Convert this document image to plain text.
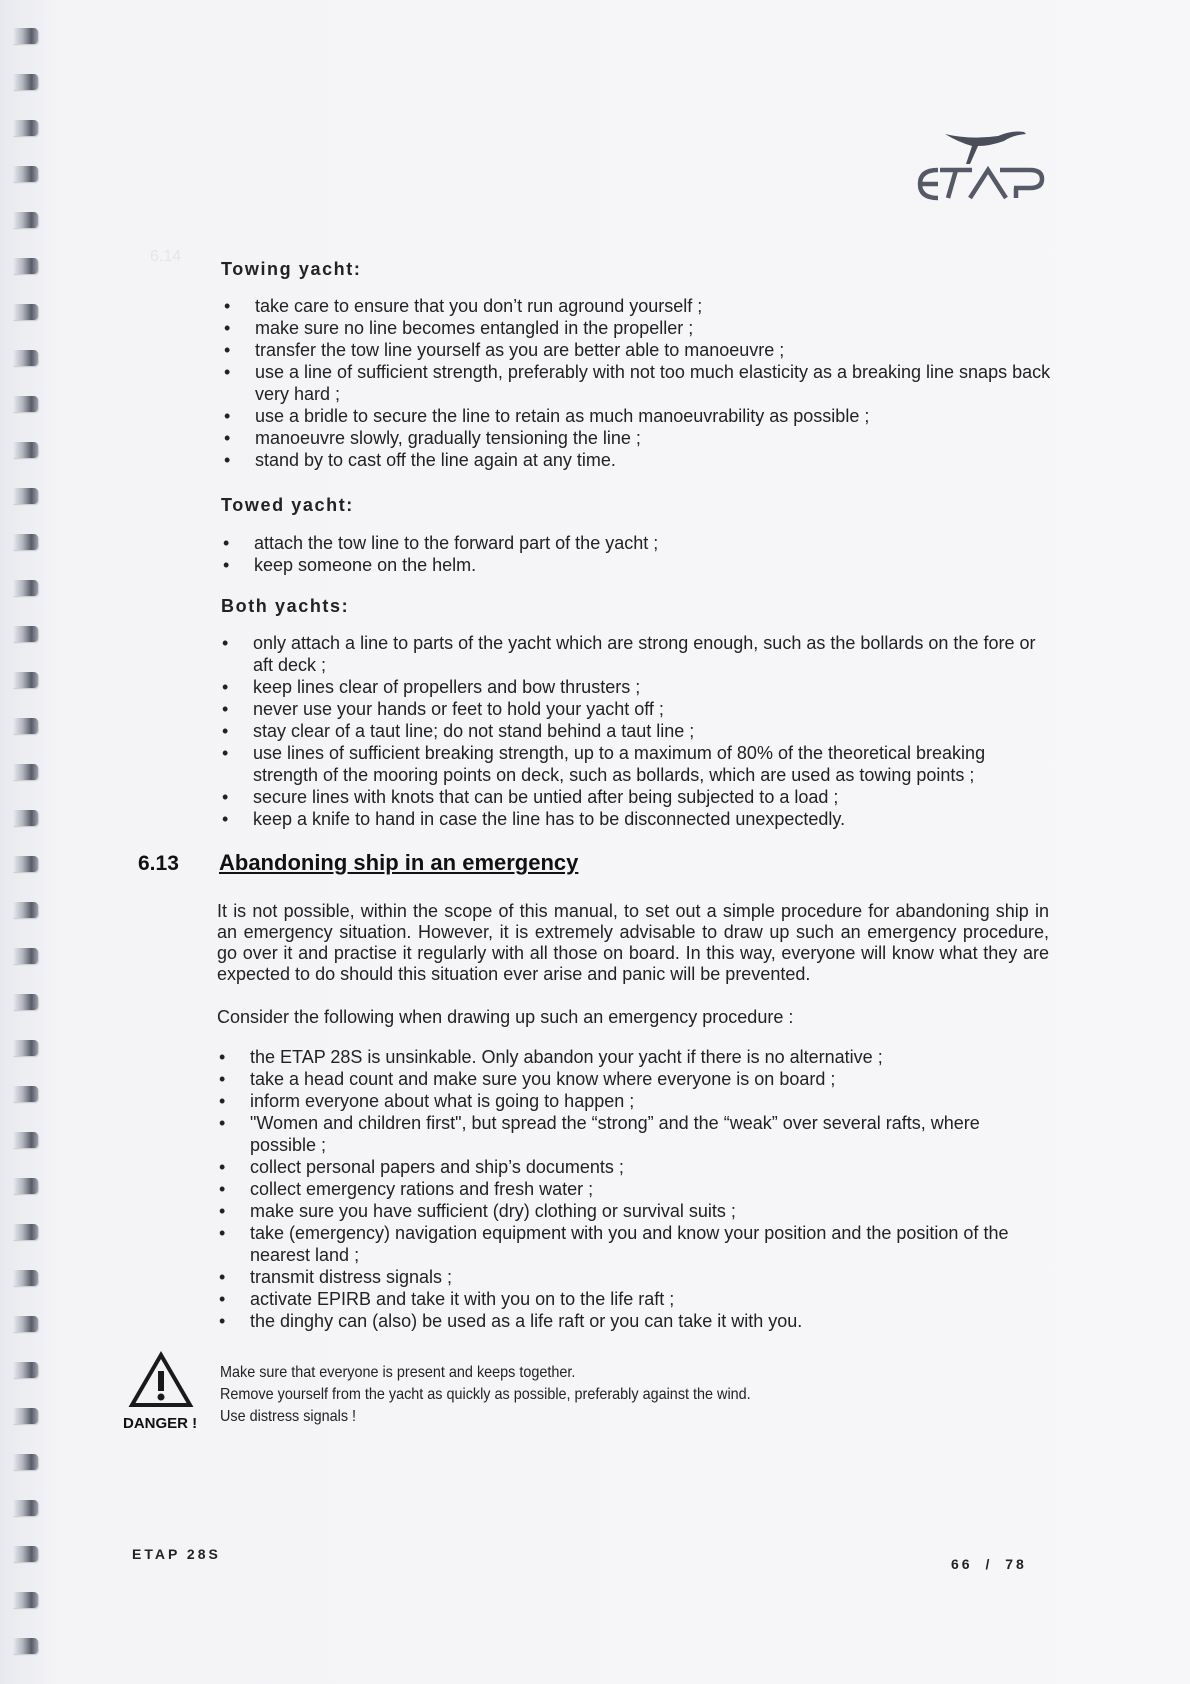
6.14
Towing yacht:
• take care to ensure that you don’t run aground yourself ;
• make sure no line becomes entangled in the propeller ;
• transfer the tow line yourself as you are better able to manoeuvre ;
• use a line of sufficient strength, preferably with not too much elasticity as a breaking line snaps back very hard ;
• use a bridle to secure the line to retain as much manoeuvrability as possible ;
• manoeuvre slowly, gradually tensioning the line ;
• stand by to cast off the line again at any time.
Towed yacht:
• attach the tow line to the forward part of the yacht ;
• keep someone on the helm.
Both yachts:
• only attach a line to parts of the yacht which are strong enough, such as the bollards on the fore or aft deck ;
• keep lines clear of propellers and bow thrusters ;
• never use your hands or feet to hold your yacht off ;
• stay clear of a taut line; do not stand behind a taut line ;
• use lines of sufficient breaking strength, up to a maximum of 80% of the theoretical breaking strength of the mooring points on deck, such as bollards, which are used as towing points ;
• secure lines with knots that can be untied after being subjected to a load ;
• keep a knife to hand in case the line has to be disconnected unexpectedly.
6.13 Abandoning ship in an emergency

It is not possible, within the scope of this manual, to set out a simple procedure for abandoning ship in an emergency situation. However, it is extremely advisable to draw up such an emergency procedure, go over it and practise it regularly with all those on board. In this way, everyone will know what they are expected to do should this situation ever arise and panic will be prevented.

Consider the following when drawing up such an emergency procedure :

• the ETAP 28S is unsinkable. Only abandon your yacht if there is no alternative ;
• take a head count and make sure you know where everyone is on board ;
• inform everyone about what is going to happen ;
• "Women and children first", but spread the “strong” and the “weak” over several rafts, where possible ;
• collect personal papers and ship’s documents ;
• collect emergency rations and fresh water ;
• make sure you have sufficient (dry) clothing or survival suits ;
• take (emergency) navigation equipment with you and know your position and the position of the nearest land ;
• transmit distress signals ;
• activate EPIRB and take it with you on to the life raft ;
• the dinghy can (also) be used as a life raft or you can take it with you.
DANGER !
Make sure that everyone is present and keeps together.
Remove yourself from the yacht as quickly as possible, preferably against the wind.
Use distress signals !
ETAP 28S
66 / 78
